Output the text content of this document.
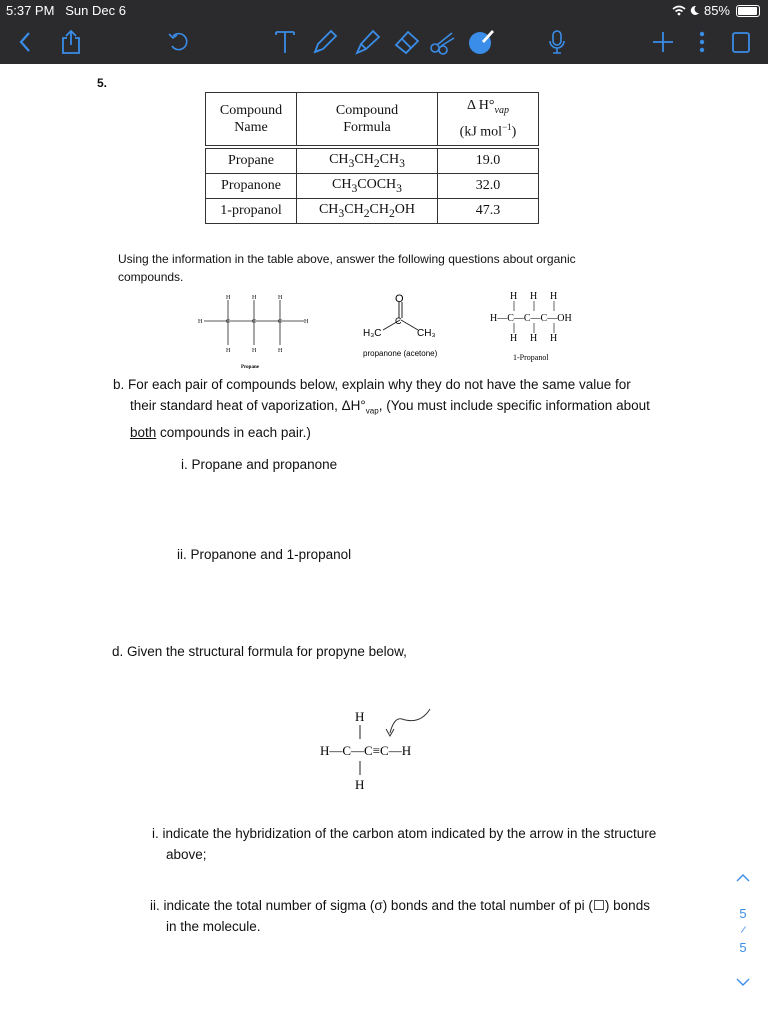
5:37 PM Sun Dec 6	85%
5.
Compound
Name	Compound
Formula	Δ $H^\circ_{vap}$
(kJ mol$^{-1}$)
Propane	$CH_3CH_2CH_3$	19.0
Propanone	$CH_3COCH_3$	32.0
1-propanol	$CH_3CH_2CH_2OH$	47.3
Using the information in the table above, answer the following questions about organic compounds.
H	H	H
H	H
C	C	C
H	H	H
Propane
O
C
H₃C	CH₃
propanone (acetone)
H H H
H—C—C—C—OH
H H H
1-Propanol
b. For each pair of compounds below, explain why they do not have the same value for
their standard heat of vaporization, $\Delta H^\circ_{vap}$, (You must include specific information about
both compounds in each pair.)
i. Propane and propanone
ii. Propanone and 1-propanol
d. Given the structural formula for propyne below,
H
H—C—C≡C—H
H
i. indicate the hybridization of the carbon atom indicated by the arrow in the structure
above;
ii. indicate the total number of sigma (σ) bonds and the total number of pi (☐) bonds
in the molecule.
5
/
5
